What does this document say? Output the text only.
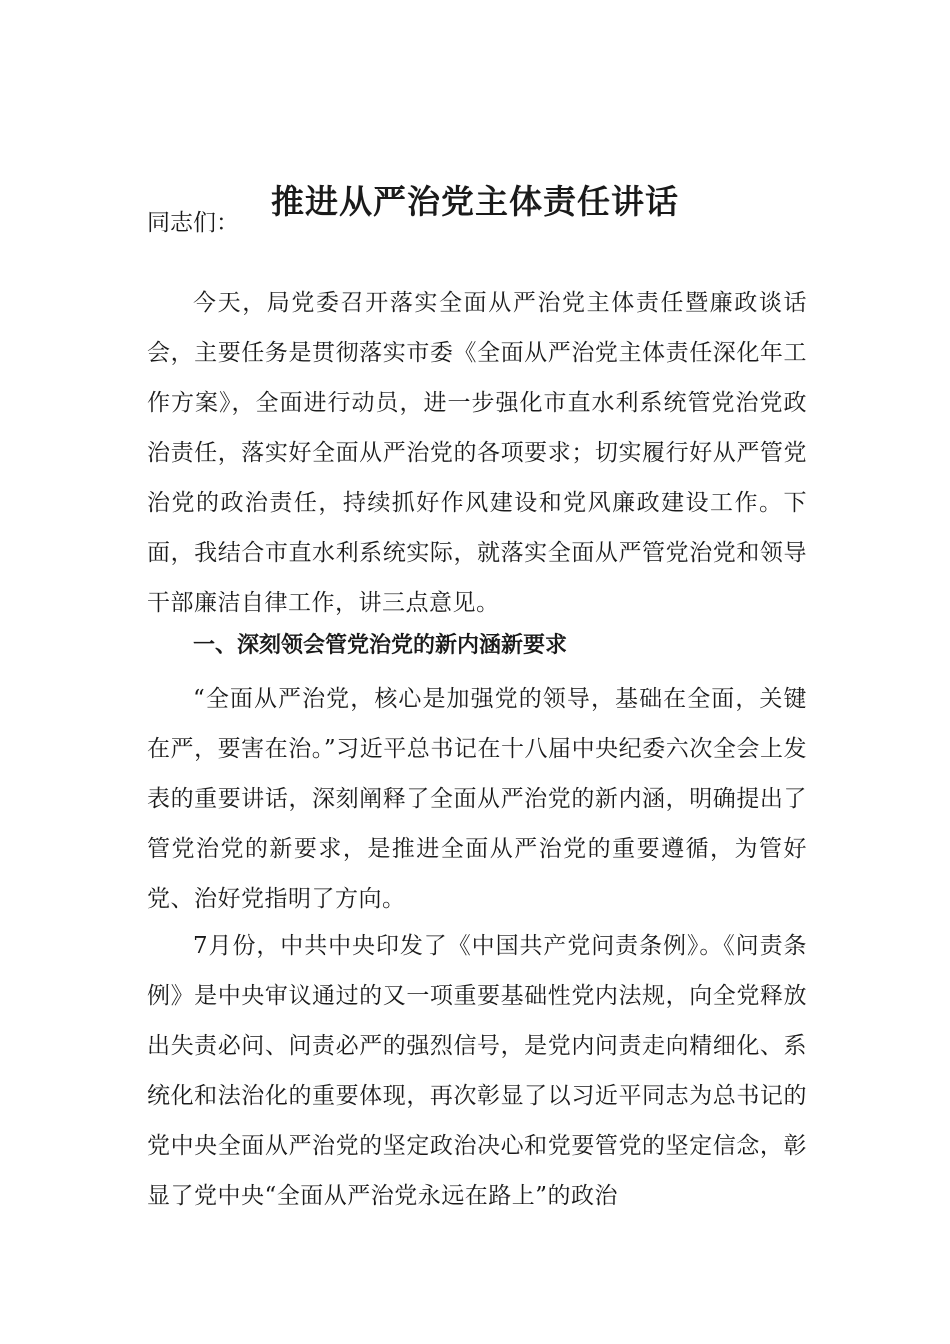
推进从严治党主体责任讲话

同志们：

今天，局党委召开落实全面从严治党主体责任暨廉政谈话会，主要任务是贯彻落实市委《全面从严治党主体责任深化年工作方案》，全面进行动员，进一步强化市直水利系统管党治党政治责任，落实好全面从严治党的各项要求；切实履行好从严管党治党的政治责任，持续抓好作风建设和党风廉政建设工作。下面，我结合市直水利系统实际，就落实全面从严管党治党和领导干部廉洁自律工作，讲三点意见。

一、深刻领会管党治党的新内涵新要求

“全面从严治党，核心是加强党的领导，基础在全面，关键在严，要害在治。”习近平总书记在十八届中央纪委六次全会上发表的重要讲话，深刻阐释了全面从严治党的新内涵，明确提出了管党治党的新要求，是推进全面从严治党的重要遵循，为管好党、治好党指明了方向。

7月份，中共中央印发了《中国共产党问责条例》。《问责条例》是中央审议通过的又一项重要基础性党内法规，向全党释放出失责必问、问责必严的强烈信号，是党内问责走向精细化、系统化和法治化的重要体现，再次彰显了以习近平同志为总书记的党中央全面从严治党的坚定政治决心和党要管党的坚定信念，彰显了党中央“全面从严治党永远在路上”的政治
